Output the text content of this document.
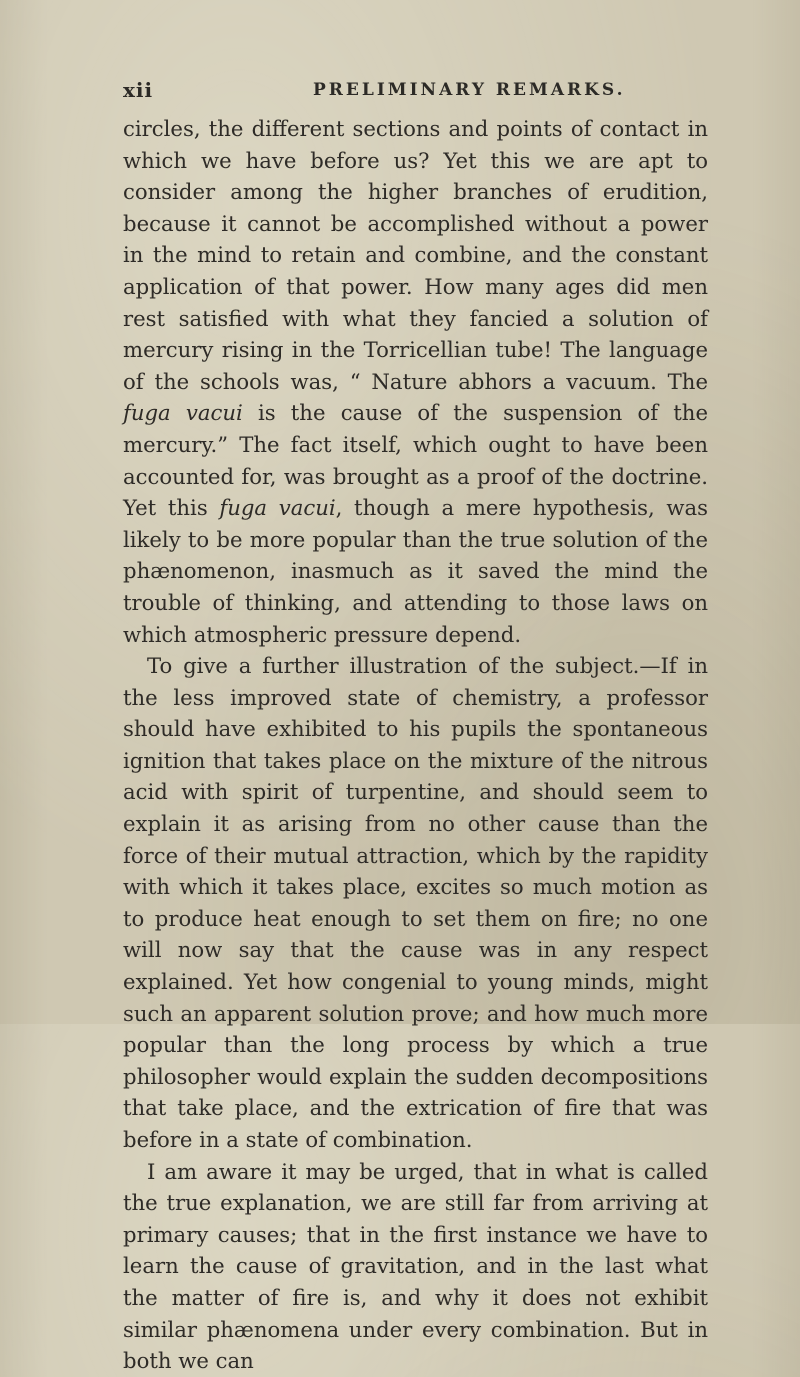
xii	PRELIMINARY REMARKS.

circles, the different sections and points of contact in which we have before us? Yet this we are apt to consider among the higher branches of erudition, because it cannot be accomplished without a power in the mind to retain and combine, and the constant application of that power. How many ages did men rest satisfied with what they fancied a solution of mercury rising in the Torricellian tube! The language of the schools was, “ Nature abhors a vacuum. The fuga vacui is the cause of the suspension of the mercury.” The fact itself, which ought to have been accounted for, was brought as a proof of the doctrine. Yet this fuga vacui, though a mere hypothesis, was likely to be more popular than the true solution of the phænomenon, inasmuch as it saved the mind the trouble of thinking, and attending to those laws on which atmospheric pressure depend.

To give a further illustration of the subject.—If in the less improved state of chemistry, a professor should have exhibited to his pupils the spontaneous ignition that takes place on the mixture of the nitrous acid with spirit of turpentine, and should seem to explain it as arising from no other cause than the force of their mutual attraction, which by the rapidity with which it takes place, excites so much motion as to produce heat enough to set them on fire; no one will now say that the cause was in any respect explained. Yet how congenial to young minds, might such an apparent solution prove; and how much more popular than the long process by which a true philosopher would explain the sudden decompositions that take place, and the extrication of fire that was before in a state of combination.

I am aware it may be urged, that in what is called the true explanation, we are still far from arriving at primary causes; that in the first instance we have to learn the cause of gravitation, and in the last what the matter of fire is, and why it does not exhibit similar phænomena under every combination. But in both we can
